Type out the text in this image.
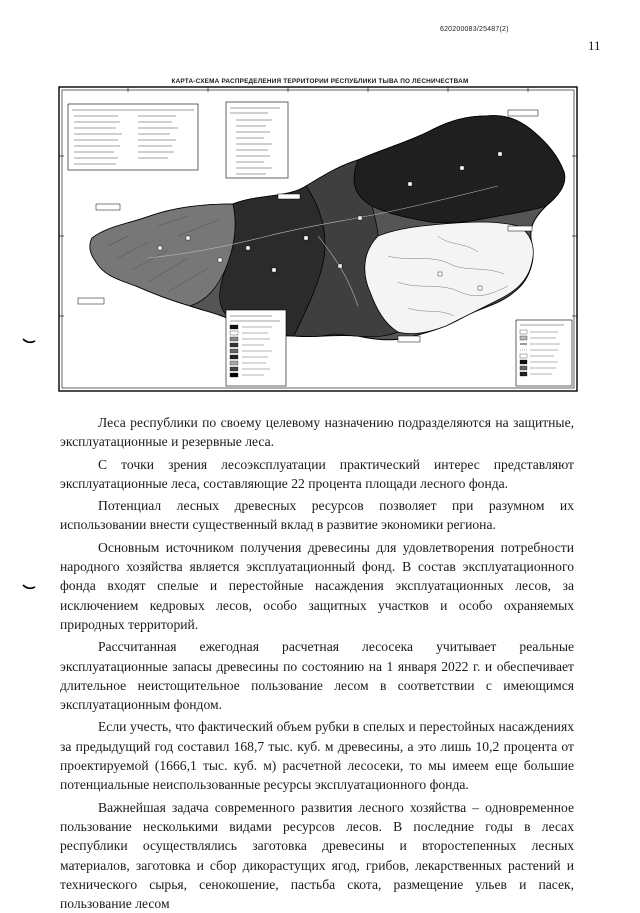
620200083/25487(2)
11
КАРТА-СХЕМА РАСПРЕДЕЛЕНИЯ ТЕРРИТОРИИ РЕСПУБЛИКИ ТЫВА ПО ЛЕСНИЧЕСТВАМ

Леса республики по своему целевому назначению подразделяются на защитные, эксплуатационные и резервные леса.

С точки зрения лесоэксплуатации практический интерес представляют эксплуатационные леса, составляющие 22 процента площади лесного фонда.

Потенциал лесных древесных ресурсов позволяет при разумном их использовании внести существенный вклад в развитие экономики региона.

Основным источником получения древесины для удовлетворения потребности народного хозяйства является эксплуатационный фонд. В состав эксплуатационного фонда входят спелые и перестойные насаждения эксплуатационных лесов, за исключением кедровых лесов, особо защитных участков и особо охраняемых природных территорий.

Рассчитанная ежегодная расчетная лесосека учитывает реальные эксплуатационные запасы древесины по состоянию на 1 января 2022 г. и обеспечивает длительное неистощительное пользование лесом в соответствии с имеющимся эксплуатационным фондом.

Если учесть, что фактический объем рубки в спелых и перестойных насаждениях за предыдущий год составил 168,7 тыс. куб. м древесины, а это лишь 10,2 процента от проектируемой (1666,1 тыс. куб. м) расчетной лесосеки, то мы имеем еще большие потенциальные неиспользованные ресурсы эксплуатационного фонда.

Важнейшая задача современного развития лесного хозяйства – одновременное пользование несколькими видами ресурсов лесов. В последние годы в лесах республики осуществлялись заготовка древесины и второстепенных лесных материалов, заготовка и сбор дикорастущих ягод, грибов, лекарственных растений и технического сырья, сенокошение, пастьба скота, размещение ульев и пасек, пользование лесом
